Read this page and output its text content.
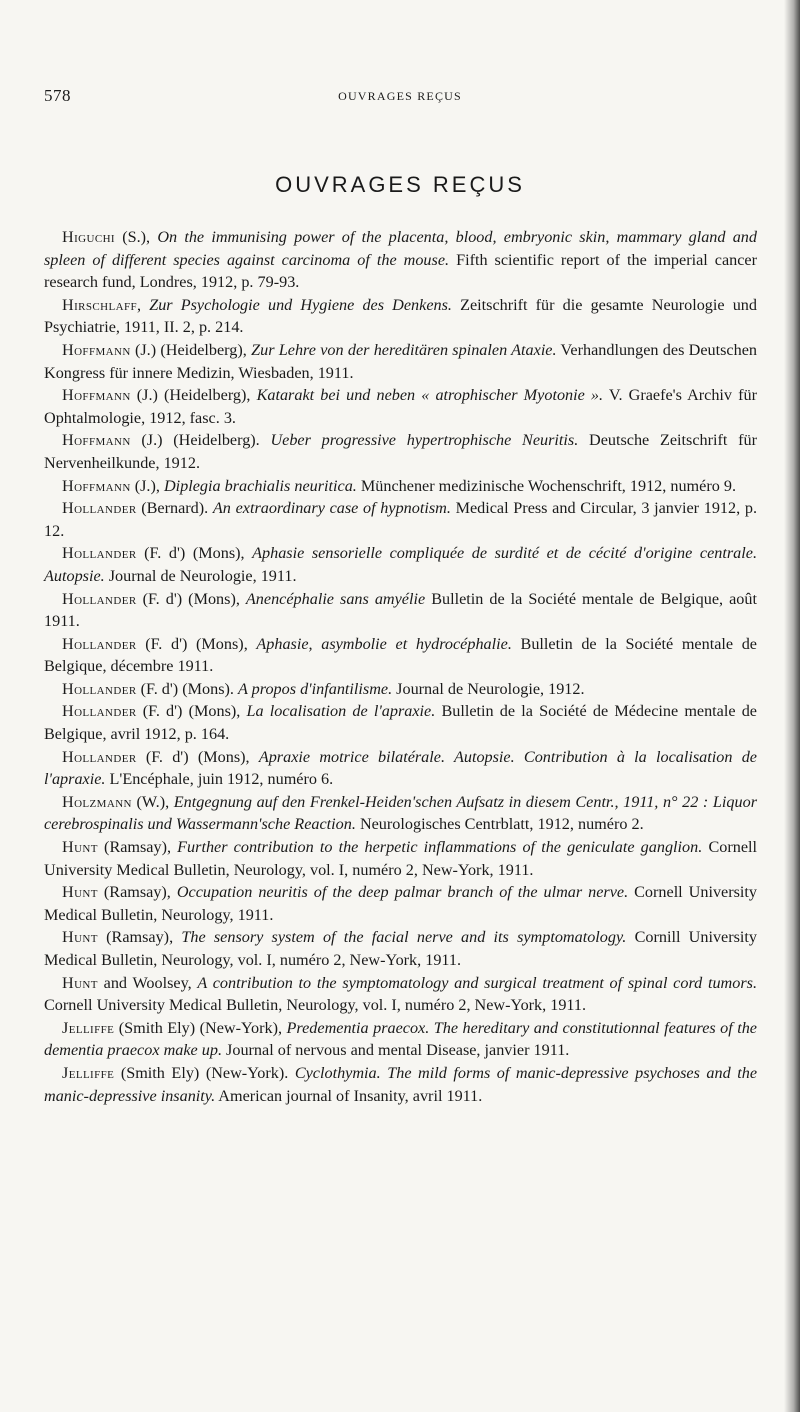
578	OUVRAGES REÇUS
OUVRAGES REÇUS

Higuchi (S.), On the immunising power of the placenta, blood, embryonic skin, mammary gland and spleen of different species against carcinoma of the mouse. Fifth scientific report of the imperial cancer research fund, Londres, 1912, p. 79-93.

Hirschlaff, Zur Psychologie und Hygiene des Denkens. Zeitschrift für die gesamte Neurologie und Psychiatrie, 1911, II. 2, p. 214.

Hoffmann (J.) (Heidelberg), Zur Lehre von der hereditären spinalen Ataxie. Verhandlungen des Deutschen Kongress für innere Medizin, Wiesbaden, 1911.

Hoffmann (J.) (Heidelberg), Katarakt bei und neben « atrophischer Myotonie ». V. Graefe's Archiv für Ophtalmologie, 1912, fasc. 3.

Hoffmann (J.) (Heidelberg). Ueber progressive hypertrophische Neuritis. Deutsche Zeitschrift für Nervenheilkunde, 1912.

Hoffmann (J.), Diplegia brachialis neuritica. Münchener medizinische Wochenschrift, 1912, numéro 9.

Hollander (Bernard). An extraordinary case of hypnotism. Medical Press and Circular, 3 janvier 1912, p. 12.

Hollander (F. d') (Mons), Aphasie sensorielle compliquée de surdité et de cécité d'origine centrale. Autopsie. Journal de Neurologie, 1911.

Hollander (F. d') (Mons), Anencéphalie sans amyélie Bulletin de la Société mentale de Belgique, août 1911.

Hollander (F. d') (Mons), Aphasie, asymbolie et hydrocéphalie. Bulletin de la Société mentale de Belgique, décembre 1911.

Hollander (F. d') (Mons). A propos d'infantilisme. Journal de Neurologie, 1912.

Hollander (F. d') (Mons), La localisation de l'apraxie. Bulletin de la Société de Médecine mentale de Belgique, avril 1912, p. 164.

Hollander (F. d') (Mons), Apraxie motrice bilatérale. Autopsie. Contribution à la localisation de l'apraxie. L'Encéphale, juin 1912, numéro 6.

Holzmann (W.), Entgegnung auf den Frenkel-Heiden'schen Aufsatz in diesem Centr., 1911, n° 22 : Liquor cerebrospinalis und Wassermann'sche Reaction. Neurologisches Centrblatt, 1912, numéro 2.

Hunt (Ramsay), Further contribution to the herpetic inflammations of the geniculate ganglion. Cornell University Medical Bulletin, Neurology, vol. I, numéro 2, New-York, 1911.

Hunt (Ramsay), Occupation neuritis of the deep palmar branch of the ulmar nerve. Cornell University Medical Bulletin, Neurology, 1911.

Hunt (Ramsay), The sensory system of the facial nerve and its symptomatology. Cornill University Medical Bulletin, Neurology, vol. I, numéro 2, New-York, 1911.

Hunt and Woolsey, A contribution to the symptomatology and surgical treatment of spinal cord tumors. Cornell University Medical Bulletin, Neurology, vol. I, numéro 2, New-York, 1911.

Jelliffe (Smith Ely) (New-York), Predementia praecox. The hereditary and constitutionnal features of the dementia praecox make up. Journal of nervous and mental Disease, janvier 1911.

Jelliffe (Smith Ely) (New-York). Cyclothymia. The mild forms of manic-depressive psychoses and the manic-depressive insanity. American journal of Insanity, avril 1911.
